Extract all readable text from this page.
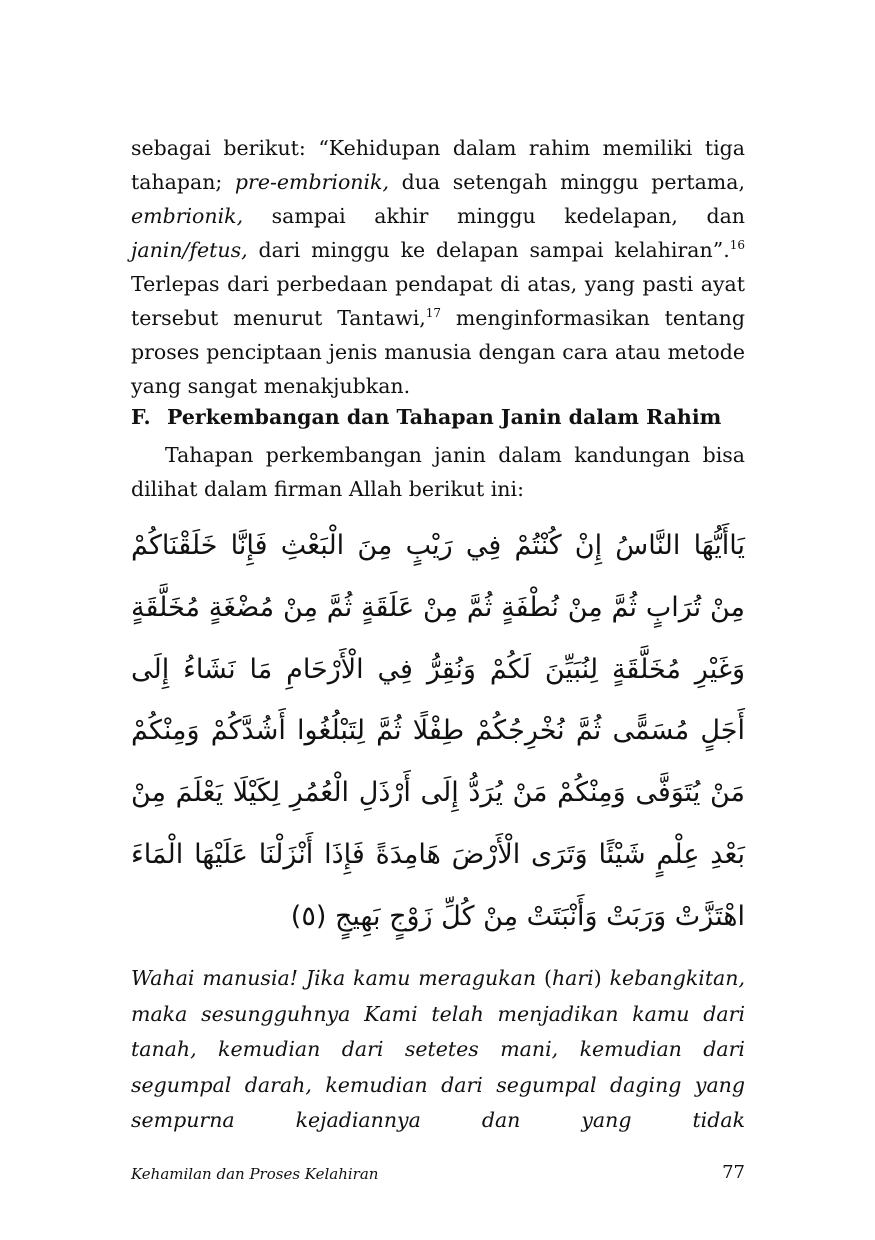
sebagai berikut: “Kehidupan dalam rahim memiliki tiga tahapan; pre-embrionik, dua setengah minggu pertama, embrionik, sampai akhir minggu kedelapan, dan janin/fetus, dari minggu ke delapan sampai kelahiran”.$^{16}$ Terlepas dari perbedaan pendapat di atas, yang pasti ayat tersebut menurut Tantawi,$^{17}$ menginformasikan tentang proses penciptaan jenis manusia dengan cara atau metode yang sangat menakjubkan.

F. Perkembangan dan Tahapan Janin dalam Rahim

Tahapan perkembangan janin dalam kandungan bisa dilihat dalam firman Allah berikut ini:

يَاأَيُّهَا النَّاسُ إِنْ كُنْتُمْ فِي رَيْبٍ مِنَ الْبَعْثِ فَإِنَّا خَلَقْنَاكُمْ مِنْ تُرَابٍ ثُمَّ مِنْ نُطْفَةٍ ثُمَّ مِنْ عَلَقَةٍ ثُمَّ مِنْ مُضْغَةٍ مُخَلَّقَةٍ وَغَيْرِ مُخَلَّقَةٍ لِنُبَيِّنَ لَكُمْ وَنُقِرُّ فِي الْأَرْحَامِ مَا نَشَاءُ إِلَى أَجَلٍ مُسَمًّى ثُمَّ نُخْرِجُكُمْ طِفْلًا ثُمَّ لِتَبْلُغُوا أَشُدَّكُمْ وَمِنْكُمْ مَنْ يُتَوَفَّى وَمِنْكُمْ مَنْ يُرَدُّ إِلَى أَرْذَلِ الْعُمُرِ لِكَيْلَا يَعْلَمَ مِنْ بَعْدِ عِلْمٍ شَيْئًا وَتَرَى الْأَرْضَ هَامِدَةً فَإِذَا أَنْزَلْنَا عَلَيْهَا الْمَاءَ اهْتَزَّتْ وَرَبَتْ وَأَنْبَتَتْ مِنْ كُلِّ زَوْجٍ بَهِيجٍ (٥)

Wahai manusia! Jika kamu meragukan (hari) kebangkitan, maka sesungguhnya Kami telah menjadikan kamu dari tanah, kemudian dari setetes mani, kemudian dari segumpal darah, kemudian dari segumpal daging yang sempurna kejadiannya dan yang tidak

Kehamilan dan Proses Kelahiran	77
